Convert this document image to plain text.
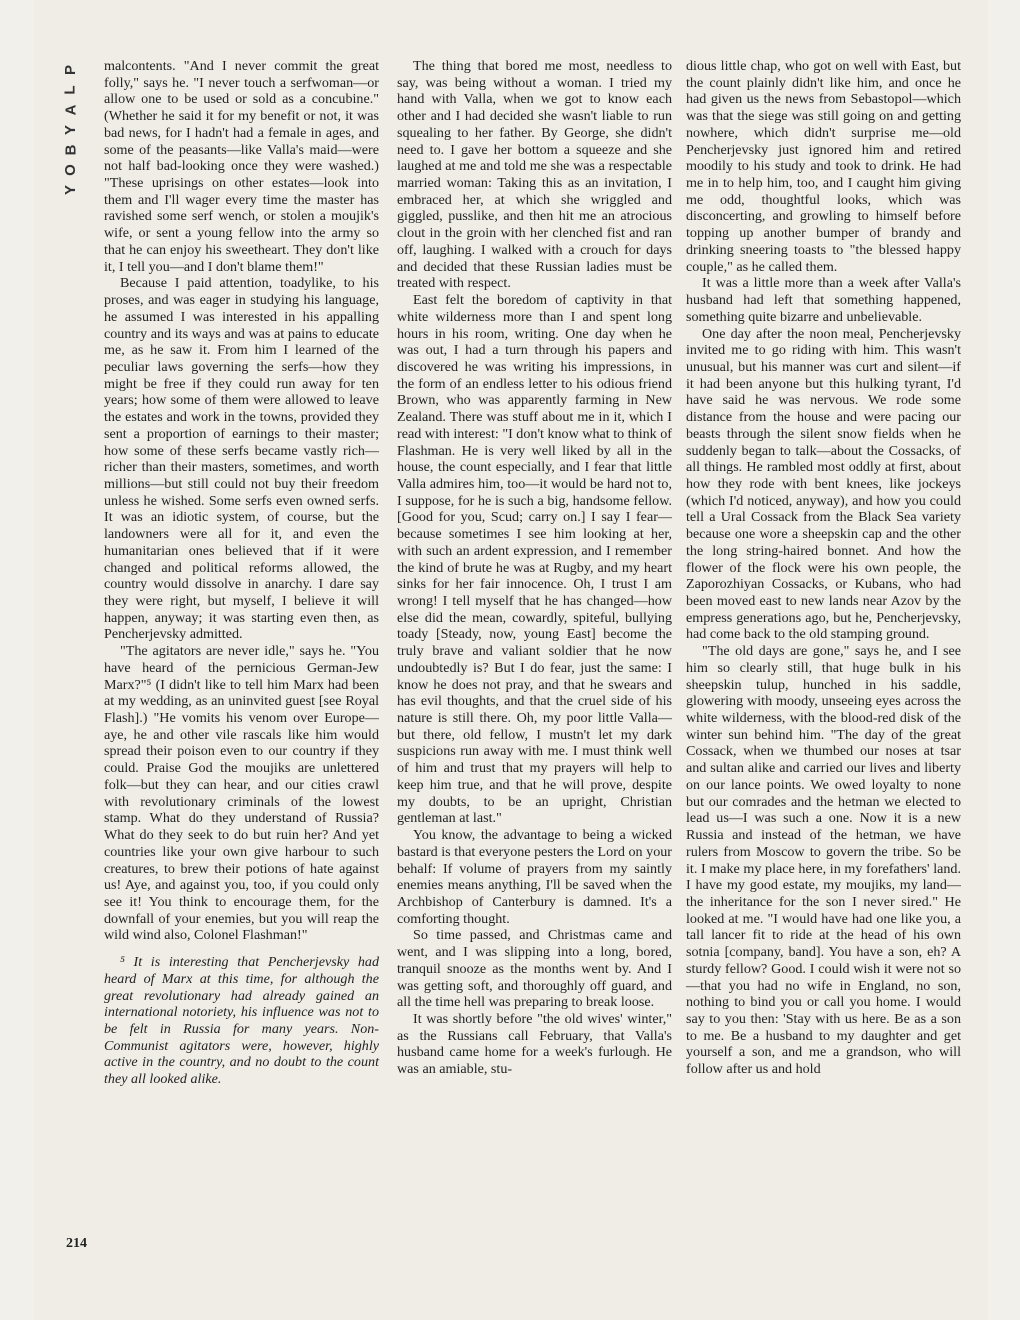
P
L
A
Y
B
O
Y

malcontents. "And I never commit the great folly," says he. "I never touch a serfwoman—or allow one to be used or sold as a concubine." (Whether he said it for my benefit or not, it was bad news, for I hadn't had a female in ages, and some of the peasants—like Valla's maid—were not half bad-looking once they were washed.) "These uprisings on other estates—look into them and I'll wager every time the master has ravished some serf wench, or stolen a moujik's wife, or sent a young fellow into the army so that he can enjoy his sweetheart. They don't like it, I tell you—and I don't blame them!"

Because I paid attention, toadylike, to his proses, and was eager in studying his language, he assumed I was interested in his appalling country and its ways and was at pains to educate me, as he saw it. From him I learned of the peculiar laws governing the serfs—how they might be free if they could run away for ten years; how some of them were allowed to leave the estates and work in the towns, provided they sent a proportion of earnings to their master; how some of these serfs became vastly rich—richer than their masters, sometimes, and worth millions—but still could not buy their freedom unless he wished. Some serfs even owned serfs. It was an idiotic system, of course, but the landowners were all for it, and even the humanitarian ones believed that if it were changed and political reforms allowed, the country would dissolve in anarchy. I dare say they were right, but myself, I believe it will happen, anyway; it was starting even then, as Pencherjevsky admitted.

"The agitators are never idle," says he. "You have heard of the pernicious German-Jew Marx?"⁵ (I didn't like to tell him Marx had been at my wedding, as an uninvited guest [see Royal Flash].) "He vomits his venom over Europe—aye, he and other vile rascals like him would spread their poison even to our country if they could. Praise God the moujiks are unlettered folk—but they can hear, and our cities crawl with revolutionary criminals of the lowest stamp. What do they understand of Russia? What do they seek to do but ruin her? And yet countries like your own give harbour to such creatures, to brew their potions of hate against us! Aye, and against you, too, if you could only see it! You think to encourage them, for the downfall of your enemies, but you will reap the wild wind also, Colonel Flashman!"

⁵ It is interesting that Pencherjevsky had heard of Marx at this time, for although the great revolutionary had already gained an international notoriety, his influence was not to be felt in Russia for many years. Non-Communist agitators were, however, highly active in the country, and no doubt to the count they all looked alike.

The thing that bored me most, needless to say, was being without a woman. I tried my hand with Valla, when we got to know each other and I had decided she wasn't liable to run squealing to her father. By George, she didn't need to. I gave her bottom a squeeze and she laughed at me and told me she was a respectable married woman: Taking this as an invitation, I embraced her, at which she wriggled and giggled, pusslike, and then hit me an atrocious clout in the groin with her clenched fist and ran off, laughing. I walked with a crouch for days and decided that these Russian ladies must be treated with respect.

East felt the boredom of captivity in that white wilderness more than I and spent long hours in his room, writing. One day when he was out, I had a turn through his papers and discovered he was writing his impressions, in the form of an endless letter to his odious friend Brown, who was apparently farming in New Zealand. There was stuff about me in it, which I read with interest: "I don't know what to think of Flashman. He is very well liked by all in the house, the count especially, and I fear that little Valla admires him, too—it would be hard not to, I suppose, for he is such a big, handsome fellow. [Good for you, Scud; carry on.] I say I fear—because sometimes I see him looking at her, with such an ardent expression, and I remember the kind of brute he was at Rugby, and my heart sinks for her fair innocence. Oh, I trust I am wrong! I tell myself that he has changed—how else did the mean, cowardly, spiteful, bullying toady [Steady, now, young East] become the truly brave and valiant soldier that he now undoubtedly is? But I do fear, just the same: I know he does not pray, and that he swears and has evil thoughts, and that the cruel side of his nature is still there. Oh, my poor little Valla—but there, old fellow, I mustn't let my dark suspicions run away with me. I must think well of him and trust that my prayers will help to keep him true, and that he will prove, despite my doubts, to be an upright, Christian gentleman at last."

You know, the advantage to being a wicked bastard is that everyone pesters the Lord on your behalf: If volume of prayers from my saintly enemies means anything, I'll be saved when the Archbishop of Canterbury is damned. It's a comforting thought.

So time passed, and Christmas came and went, and I was slipping into a long, bored, tranquil snooze as the months went by. And I was getting soft, and thoroughly off guard, and all the time hell was preparing to break loose.

It was shortly before "the old wives' winter," as the Russians call February, that Valla's husband came home for a week's furlough. He was an amiable, stu-

dious little chap, who got on well with East, but the count plainly didn't like him, and once he had given us the news from Sebastopol—which was that the siege was still going on and getting nowhere, which didn't surprise me—old Pencherjevsky just ignored him and retired moodily to his study and took to drink. He had me in to help him, too, and I caught him giving me odd, thoughtful looks, which was disconcerting, and growling to himself before topping up another bumper of brandy and drinking sneering toasts to "the blessed happy couple," as he called them.

It was a little more than a week after Valla's husband had left that something happened, something quite bizarre and unbelievable.

One day after the noon meal, Pencherjevsky invited me to go riding with him. This wasn't unusual, but his manner was curt and silent—if it had been anyone but this hulking tyrant, I'd have said he was nervous. We rode some distance from the house and were pacing our beasts through the silent snow fields when he suddenly began to talk—about the Cossacks, of all things. He rambled most oddly at first, about how they rode with bent knees, like jockeys (which I'd noticed, anyway), and how you could tell a Ural Cossack from the Black Sea variety because one wore a sheepskin cap and the other the long string-haired bonnet. And how the flower of the flock were his own people, the Zaporozhiyan Cossacks, or Kubans, who had been moved east to new lands near Azov by the empress generations ago, but he, Pencherjevsky, had come back to the old stamping ground.

"The old days are gone," says he, and I see him so clearly still, that huge bulk in his sheepskin tulup, hunched in his saddle, glowering with moody, unseeing eyes across the white wilderness, with the blood-red disk of the winter sun behind him. "The day of the great Cossack, when we thumbed our noses at tsar and sultan alike and carried our lives and liberty on our lance points. We owed loyalty to none but our comrades and the hetman we elected to lead us—I was such a one. Now it is a new Russia and instead of the hetman, we have rulers from Moscow to govern the tribe. So be it. I make my place here, in my forefathers' land. I have my good estate, my moujiks, my land—the inheritance for the son I never sired." He looked at me. "I would have had one like you, a tall lancer fit to ride at the head of his own sotnia [company, band]. You have a son, eh? A sturdy fellow? Good. I could wish it were not so—that you had no wife in England, no son, nothing to bind you or call you home. I would say to you then: 'Stay with us here. Be as a son to me. Be a husband to my daughter and get yourself a son, and me a grandson, who will follow after us and hold

214
